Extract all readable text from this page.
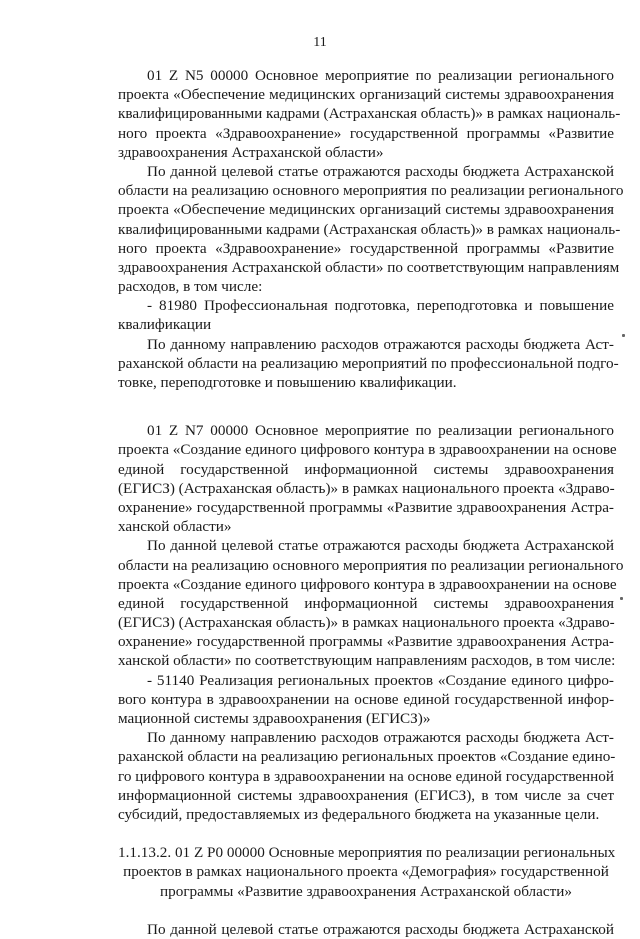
11
01 Z N5 00000 Основное мероприятие по реализации регионального
проекта «Обеспечение медицинских организаций системы здравоохранения
квалифицированными кадрами (Астраханская область)» в рамках националь-
ного проекта «Здравоохранение» государственной программы «Развитие
здравоохранения Астраханской области»
По данной целевой статье отражаются расходы бюджета Астраханской
области на реализацию основного мероприятия по реализации регионального
проекта «Обеспечение медицинских организаций системы здравоохранения
квалифицированными кадрами (Астраханская область)» в рамках националь-
ного проекта «Здравоохранение» государственной программы «Развитие
здравоохранения Астраханской области» по соответствующим направлениям
расходов, в том числе:
- 81980 Профессиональная подготовка, переподготовка и повышение
квалификации
По данному направлению расходов отражаются расходы бюджета Аст-
раханской области на реализацию мероприятий по профессиональной подго-
товке, переподготовке и повышению квалификации.
01 Z N7 00000 Основное мероприятие по реализации регионального
проекта «Создание единого цифрового контура в здравоохранении на основе
единой государственной информационной системы здравоохранения
(ЕГИСЗ) (Астраханская область)» в рамках национального проекта «Здраво-
охранение» государственной программы «Развитие здравоохранения Астра-
ханской области»
По данной целевой статье отражаются расходы бюджета Астраханской
области на реализацию основного мероприятия по реализации регионального
проекта «Создание единого цифрового контура в здравоохранении на основе
единой государственной информационной системы здравоохранения
(ЕГИСЗ) (Астраханская область)» в рамках национального проекта «Здраво-
охранение» государственной программы «Развитие здравоохранения Астра-
ханской области» по соответствующим направлениям расходов, в том числе:
- 51140 Реализация региональных проектов «Создание единого цифро-
вого контура в здравоохранении на основе единой государственной инфор-
мационной системы здравоохранения (ЕГИСЗ)»
По данному направлению расходов отражаются расходы бюджета Аст-
раханской области на реализацию региональных проектов «Создание едино-
го цифрового контура в здравоохранении на основе единой государственной
информационной системы здравоохранения (ЕГИСЗ), в том числе за счет
субсидий, предоставляемых из федерального бюджета на указанные цели.
1.1.13.2. 01 Z P0 00000 Основные мероприятия по реализации региональных
проектов в рамках национального проекта «Демография» государственной
программы «Развитие здравоохранения Астраханской области»
По данной целевой статье отражаются расходы бюджета Астраханской
